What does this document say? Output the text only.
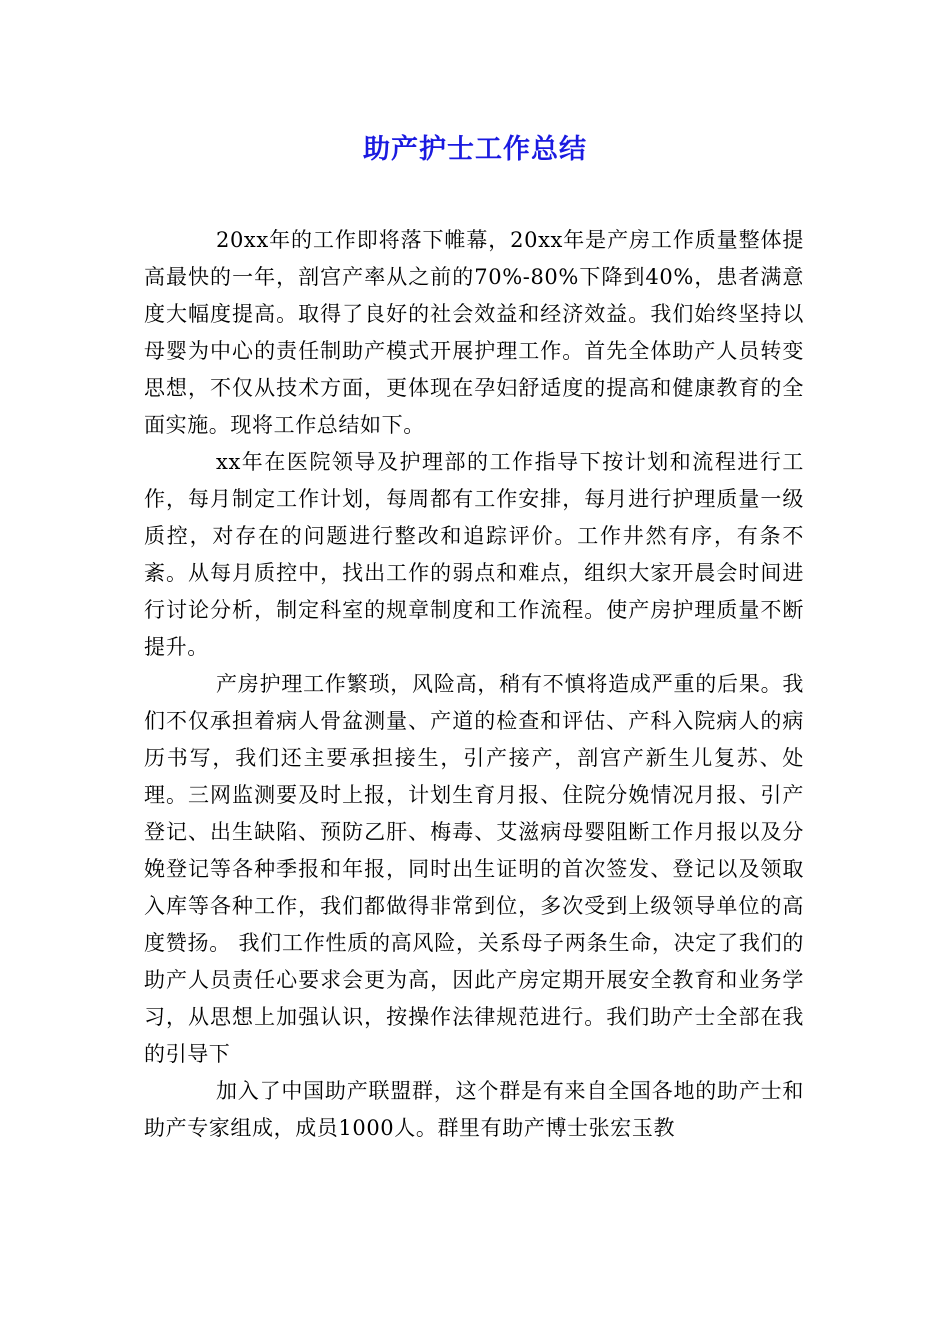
助产护士工作总结

20xx年的工作即将落下帷幕，20xx年是产房工作质量整体提高最快的一年，剖宫产率从之前的70%-80%下降到40%，患者满意度大幅度提高。取得了良好的社会效益和经济效益。我们始终坚持以母婴为中心的责任制助产模式开展护理工作。首先全体助产人员转变思想，不仅从技术方面，更体现在孕妇舒适度的提高和健康教育的全面实施。现将工作总结如下。

xx年在医院领导及护理部的工作指导下按计划和流程进行工作，每月制定工作计划，每周都有工作安排，每月进行护理质量一级质控，对存在的问题进行整改和追踪评价。工作井然有序，有条不紊。从每月质控中，找出工作的弱点和难点，组织大家开晨会时间进行讨论分析，制定科室的规章制度和工作流程。使产房护理质量不断提升。

产房护理工作繁琐，风险高，稍有不慎将造成严重的后果。我们不仅承担着病人骨盆测量、产道的检查和评估、产科入院病人的病历书写，我们还主要承担接生，引产接产，剖宫产新生儿复苏、处理。三网监测要及时上报，计划生育月报、住院分娩情况月报、引产登记、出生缺陷、预防乙肝、梅毒、艾滋病母婴阻断工作月报以及分娩登记等各种季报和年报，同时出生证明的首次签发、登记以及领取入库等各种工作，我们都做得非常到位，多次受到上级领导单位的高度赞扬。 我们工作性质的高风险，关系母子两条生命，决定了我们的助产人员责任心要求会更为高，因此产房定期开展安全教育和业务学习，从思想上加强认识，按操作法律规范进行。我们助产士全部在我的引导下

加入了中国助产联盟群，这个群是有来自全国各地的助产士和助产专家组成，成员1000人。群里有助产博士张宏玉教
